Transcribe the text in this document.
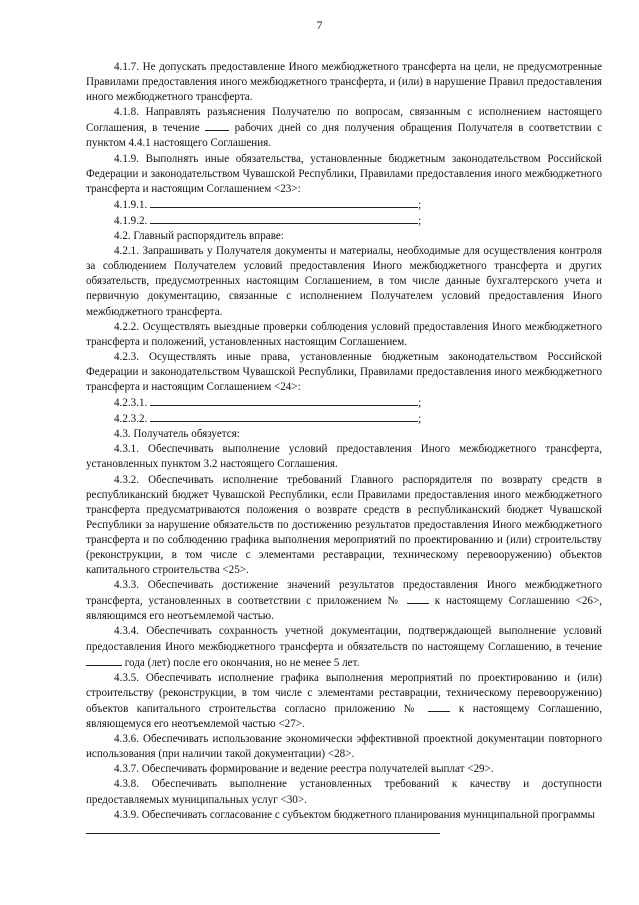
7

4.1.7. Не допускать предоставление Иного межбюджетного трансферта на цели, не предусмотренные Правилами предоставления иного межбюджетного трансферта, и (или) в нарушение Правил предоставления иного межбюджетного трансферта.

4.1.8. Направлять разъяснения Получателю по вопросам, связанным с исполнением настоящего Соглашения, в течение	рабочих дней со дня получения обращения Получателя в соответствии с пунктом 4.4.1 настоящего Соглашения.

4.1.9. Выполнять иные обязательства, установленные бюджетным законодательством Российской Федерации и законодательством Чувашской Республики, Правилами предоставления иного межбюджетного трансферта и настоящим Соглашением <23>:

4.1.9.1.	;

4.1.9.2.	;

4.2. Главный распорядитель вправе:

4.2.1. Запрашивать у Получателя документы и материалы, необходимые для осуществления контроля за соблюдением Получателем условий предоставления Иного межбюджетного трансферта и других обязательств, предусмотренных настоящим Соглашением, в том числе данные бухгалтерского учета и первичную документацию, связанные с исполнением Получателем условий предоставления Иного межбюджетного трансферта.

4.2.2. Осуществлять выездные проверки соблюдения условий предоставления Иного межбюджетного трансферта и положений, установленных настоящим Соглашением.

4.2.3. Осуществлять иные права, установленные бюджетным законодательством Российской Федерации и законодательством Чувашской Республики, Правилами предоставления иного межбюджетного трансферта и настоящим Соглашением <24>:

4.2.3.1.	;

4.2.3.2.	;

4.3. Получатель обязуется:

4.3.1. Обеспечивать выполнение условий предоставления Иного межбюджетного трансферта, установленных пунктом 3.2 настоящего Соглашения.

4.3.2. Обеспечивать исполнение требований Главного распорядителя по возврату средств в республиканский бюджет Чувашской Республики, если Правилами предоставления иного межбюджетного трансферта предусматриваются положения о возврате средств в республиканский бюджет Чувашской Республики за нарушение обязательств по достижению результатов предоставления Иного межбюджетного трансферта и по соблюдению графика выполнения мероприятий по проектированию и (или) строительству (реконструкции, в том числе с элементами реставрации, техническому перевооружению) объектов капитального строительства <25>.

4.3.3. Обеспечивать достижение значений результатов предоставления Иного межбюджетного трансферта, установленных в соответствии с приложением №	к настоящему Соглашению <26>, являющимся его неотъемлемой частью.

4.3.4. Обеспечивать сохранность учетной документации, подтверждающей выполнение условий предоставления Иного межбюджетного трансферта и обязательств по настоящему Соглашению, в течение  года (лет) после его окончания, но не менее 5 лет.

4.3.5. Обеспечивать исполнение графика выполнения мероприятий по проектированию и (или) строительству (реконструкции, в том числе с элементами реставрации, техническому перевооружению) объектов капитального строительства согласно приложению №	к настоящему Соглашению, являющемуся его неотъемлемой частью <27>.

4.3.6. Обеспечивать использование экономически эффективной проектной документации повторного использования (при наличии такой документации) <28>.

4.3.7. Обеспечивать формирование и ведение реестра получателей выплат <29>.

4.3.8. Обеспечивать выполнение установленных требований к качеству и доступности предоставляемых муниципальных услуг <30>.

4.3.9. Обеспечивать согласование с субъектом бюджетного планирования муниципальной программы
